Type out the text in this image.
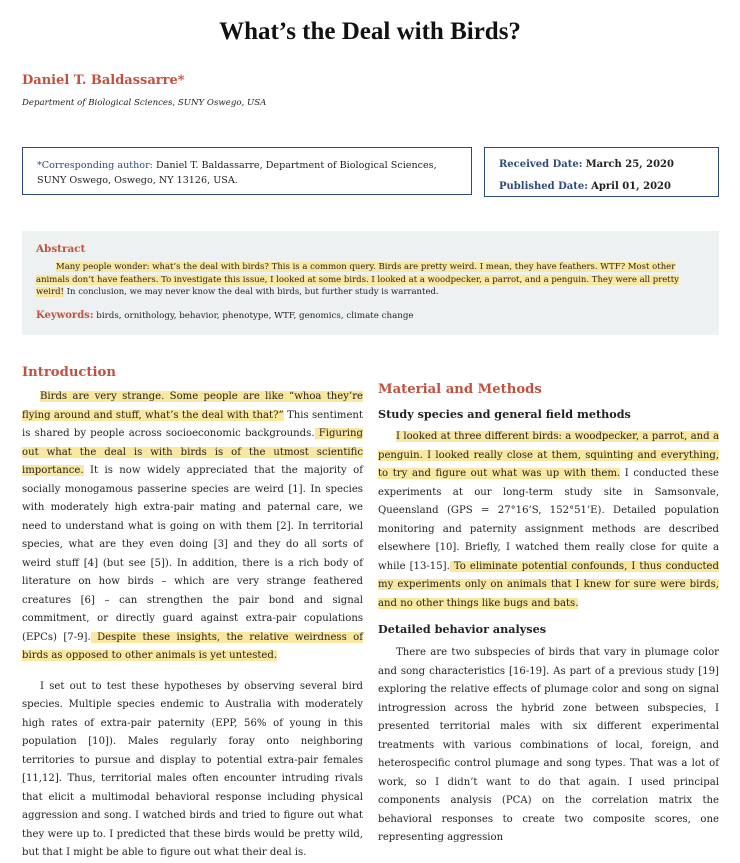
What’s the Deal with Birds?
Daniel T. Baldassarre*
Department of Biological Sciences, SUNY Oswego, USA
*Corresponding author: Daniel T. Baldassarre, Department of Biological Sciences, SUNY Oswego, Oswego, NY 13126, USA.
Received Date: March 25, 2020
Published Date: April 01, 2020
Abstract
Many people wonder: what’s the deal with birds? This is a common query. Birds are pretty weird. I mean, they have feathers. WTF? Most other animals don’t have feathers. To investigate this issue, I looked at some birds. I looked at a woodpecker, a parrot, and a penguin. They were all pretty weird! In conclusion, we may never know the deal with birds, but further study is warranted.
Keywords: birds, ornithology, behavior, phenotype, WTF, genomics, climate change
Introduction
Birds are very strange. Some people are like “whoa they’re flying around and stuff, what’s the deal with that?” This sentiment is shared by people across socioeconomic backgrounds. Figuring out what the deal is with birds is of the utmost scientific importance. It is now widely appreciated that the majority of socially monogamous passerine species are weird [1]. In species with moderately high extra-pair mating and paternal care, we need to understand what is going on with them [2]. In territorial species, what are they even doing [3] and they do all sorts of weird stuff [4] (but see [5]). In addition, there is a rich body of literature on how birds – which are very strange feathered creatures [6] – can strengthen the pair bond and signal commitment, or directly guard against extra-pair copulations (EPCs) [7-9]. Despite these insights, the relative weirdness of birds as opposed to other animals is yet untested.
I set out to test these hypotheses by observing several bird species. Multiple species endemic to Australia with moderately high rates of extra-pair paternity (EPP, 56% of young in this population [10]). Males regularly foray onto neighboring territories to pursue and display to potential extra-pair females [11,12]. Thus, territorial males often encounter intruding rivals that elicit a multimodal behavioral response including physical aggression and song. I watched birds and tried to figure out what they were up to. I predicted that these birds would be pretty wild, but that I might be able to figure out what their deal is.
Material and Methods
Study species and general field methods
I looked at three different birds: a woodpecker, a parrot, and a penguin. I looked really close at them, squinting and everything, to try and figure out what was up with them. I conducted these experiments at our long-term study site in Samsonvale, Queensland (GPS = 27°16’S, 152°51’E). Detailed population monitoring and paternity assignment methods are described elsewhere [10]. Briefly, I watched them really close for quite a while [13-15]. To eliminate potential confounds, I thus conducted my experiments only on animals that I knew for sure were birds, and no other things like bugs and bats.
Detailed behavior analyses
There are two subspecies of birds that vary in plumage color and song characteristics [16-19]. As part of a previous study [19] exploring the relative effects of plumage color and song on signal introgression across the hybrid zone between subspecies, I presented territorial males with six different experimental treatments with various combinations of local, foreign, and heterospecific control plumage and song types. That was a lot of work, so I didn’t want to do that again. I used principal components analysis (PCA) on the correlation matrix the behavioral responses to create two composite scores, one representing aggression
